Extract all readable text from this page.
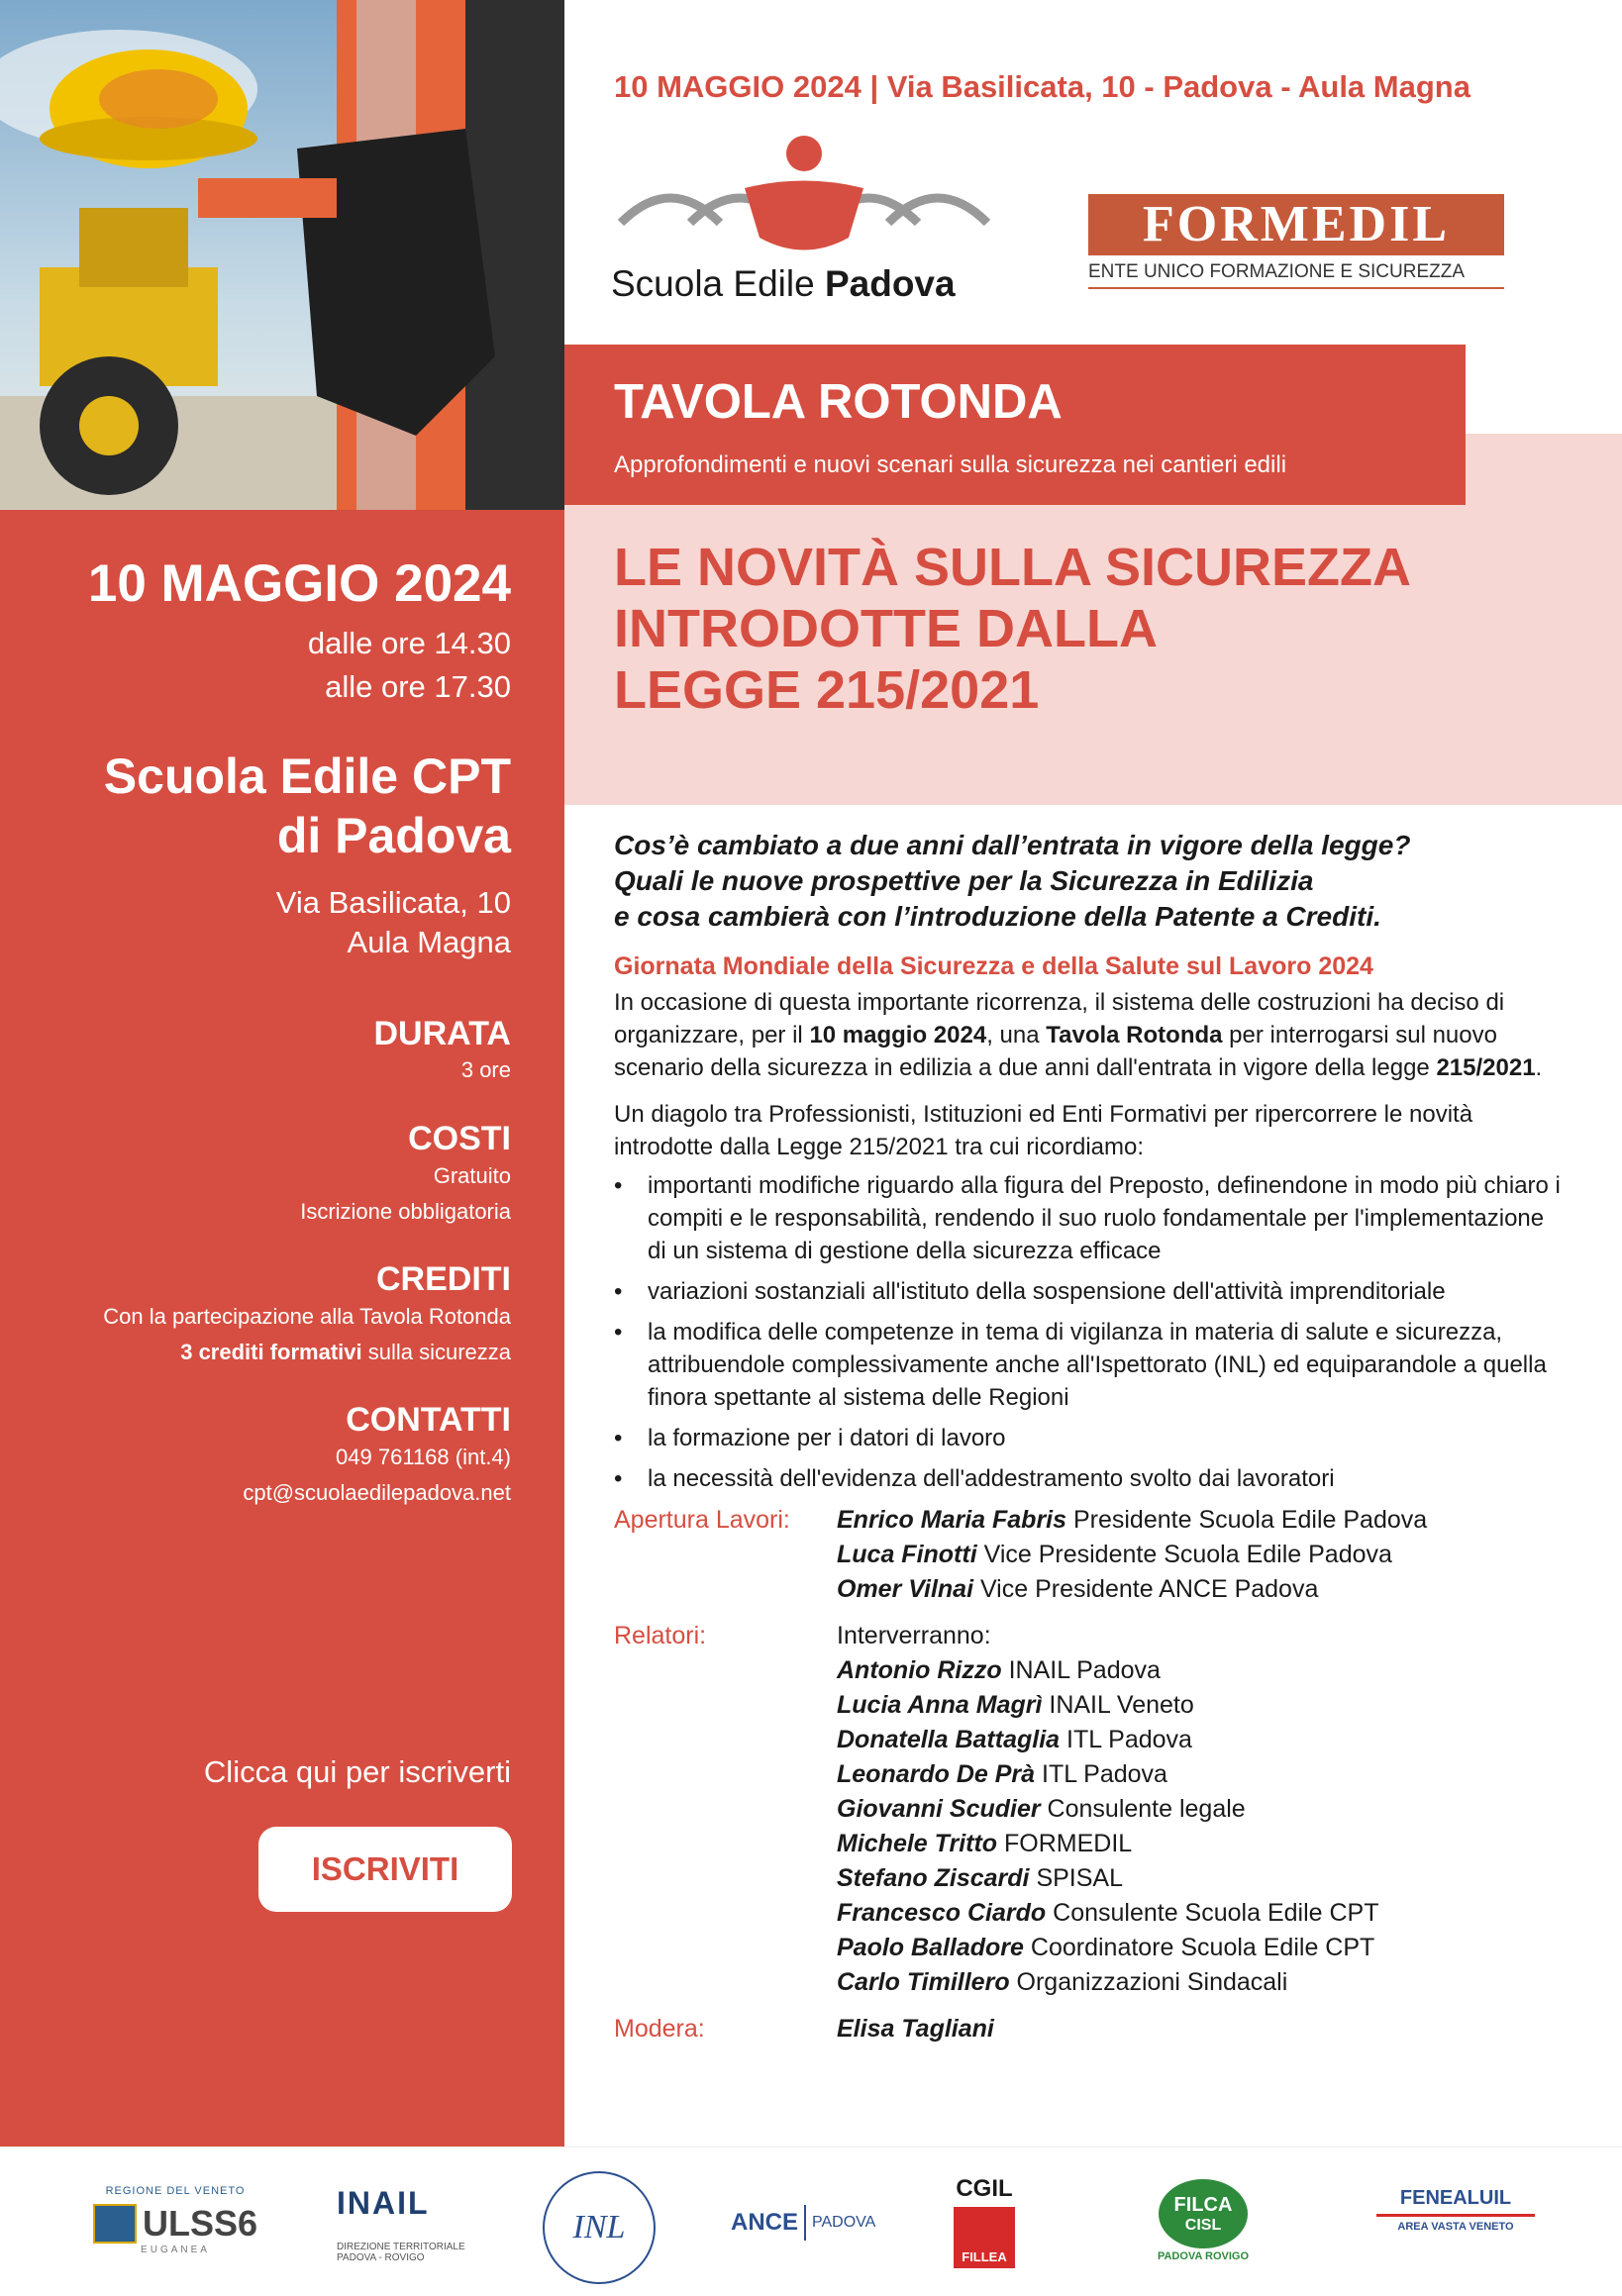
10 MAGGIO 2024 | Via Basilicata, 10 - Padova - Aula Magna
Scuola Edile Padova
FORMEDIL
ENTE UNICO FORMAZIONE E SICUREZZA
TAVOLA ROTONDA
Approfondimenti e nuovi scenari sulla sicurezza nei cantieri edili
LE NOVITÀ SULLA SICUREZZA
INTRODOTTE DALLA
LEGGE 215/2021
10 MAGGIO 2024
dalle ore 14.30
alle ore 17.30
Scuola Edile CPT
di Padova
Via Basilicata, 10
Aula Magna
DURATA
3 ore
COSTI
Gratuito
Iscrizione obbligatoria
CREDITI
Con la partecipazione alla Tavola Rotonda
3 crediti formativi sulla sicurezza
CONTATTI
049 761168 (int.4)
cpt@scuolaedilepadova.net
Clicca qui per iscriverti
ISCRIVITI
Cos’è cambiato a due anni dall’entrata in vigore della legge?
Quali le nuove prospettive per la Sicurezza in Edilizia
e cosa cambierà con l’introduzione della Patente a Crediti.
Giornata Mondiale della Sicurezza e della Salute sul Lavoro 2024
In occasione di questa importante ricorrenza, il sistema delle costruzioni ha deciso di organizzare, per il 10 maggio 2024, una Tavola Rotonda per interrogarsi sul nuovo scenario della sicurezza in edilizia a due anni dall'entrata in vigore della legge 215/2021.
Un diagolo tra Professionisti, Istituzioni ed Enti Formativi per ripercorrere le novità introdotte dalla Legge 215/2021 tra cui ricordiamo:
• importanti modifiche riguardo alla figura del Preposto, definendone in modo più chiaro i compiti e le responsabilità, rendendo il suo ruolo fondamentale per l'implementazione di un sistema di gestione della sicurezza efficace
• variazioni sostanziali all'istituto della sospensione dell'attività imprenditoriale
• la modifica delle competenze in tema di vigilanza in materia di salute e sicurezza, attribuendole complessivamente anche all'Ispettorato (INL) ed equiparandole a quella finora spettante al sistema delle Regioni
• la formazione per i datori di lavoro
• la necessità dell'evidenza dell'addestramento svolto dai lavoratori
Apertura Lavori:	Enrico Maria Fabris Presidente Scuola Edile Padova
Luca Finotti Vice Presidente Scuola Edile Padova
Omer Vilnai Vice Presidente ANCE Padova
Relatori:	Interverranno:
Antonio Rizzo INAIL Padova
Lucia Anna Magrì INAIL Veneto
Donatella Battaglia ITL Padova
Leonardo De Prà ITL Padova
Giovanni Scudier Consulente legale
Michele Tritto FORMEDIL
Stefano Ziscardi SPISAL
Francesco Ciardo Consulente Scuola Edile CPT
Paolo Balladore Coordinatore Scuola Edile CPT
Carlo Timillero Organizzazioni Sindacali
Modera:	Elisa Tagliani
REGIONE DEL VENETO
ULSS6
EUGANEA
INAIL
DIREZIONE TERRITORIALE
PADOVA - ROVIGO
INL	ANCE PADOVA
CGIL
FILLEA
FILCA
CISL
PADOVA ROVIGO
FENEALUIL
AREA VASTA VENETO
